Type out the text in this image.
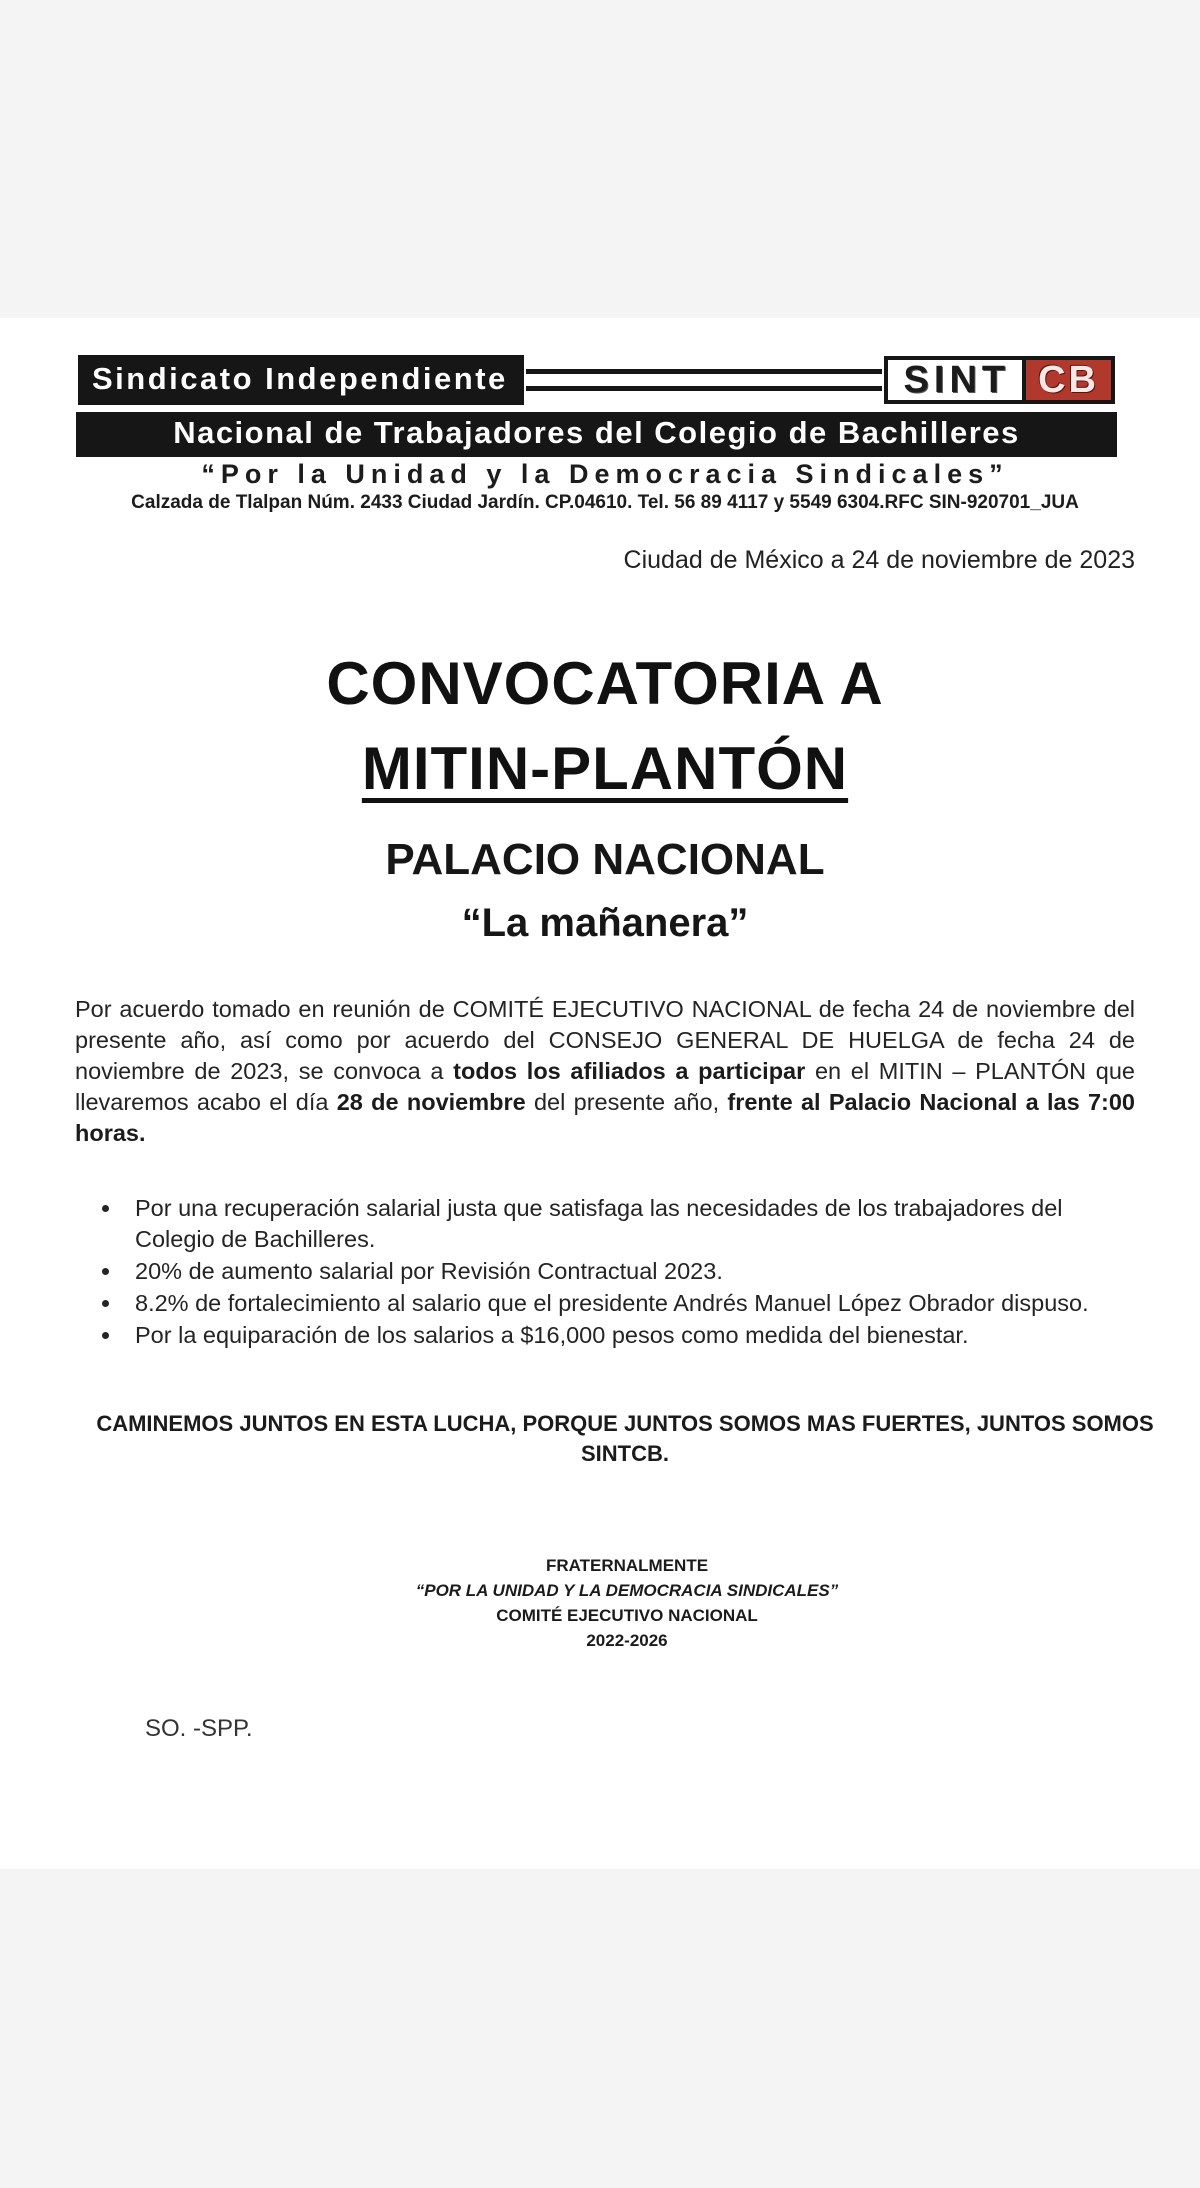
Sindicato Independiente	SINT CB
Nacional de Trabajadores del Colegio de Bachilleres
“Por la Unidad y la Democracia Sindicales”
Calzada de Tlalpan Núm. 2433 Ciudad Jardín. CP.04610. Tel. 56 89 4117 y 5549 6304.RFC SIN-920701_JUA
Ciudad de México a 24 de noviembre de 2023
CONVOCATORIA A
MITIN-PLANTÓN
PALACIO NACIONAL
“La mañanera”
Por acuerdo tomado en reunión de COMITÉ EJECUTIVO NACIONAL de fecha 24 de noviembre del presente año, así como por acuerdo del CONSEJO GENERAL DE HUELGA de fecha 24 de noviembre de 2023, se convoca a todos los afiliados a participar en el MITIN – PLANTÓN que llevaremos acabo el día 28 de noviembre del presente año, frente al Palacio Nacional a las 7:00 horas.
• Por una recuperación salarial justa que satisfaga las necesidades de los trabajadores del Colegio de Bachilleres.
• 20% de aumento salarial por Revisión Contractual 2023.
• 8.2% de fortalecimiento al salario que el presidente Andrés Manuel López Obrador dispuso.
• Por la equiparación de los salarios a $16,000 pesos como medida del bienestar.
CAMINEMOS JUNTOS EN ESTA LUCHA, PORQUE JUNTOS SOMOS MAS FUERTES, JUNTOS SOMOS SINTCB.
FRATERNALMENTE
“POR LA UNIDAD Y LA DEMOCRACIA SINDICALES”
COMITÉ EJECUTIVO NACIONAL
2022-2026
SO. -SPP.
